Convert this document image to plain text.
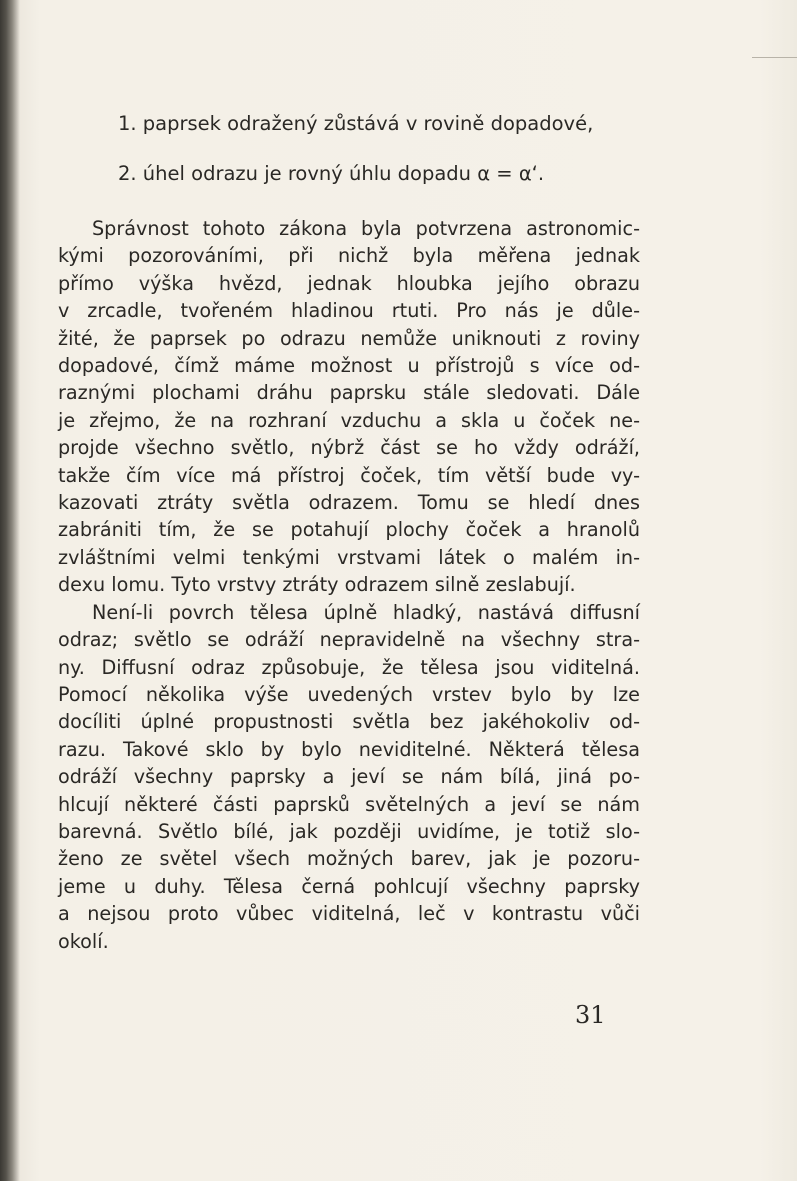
1. paprsek odražený zůstává v rovině dopadové,
2. úhel odrazu je rovný úhlu dopadu α = α‘.
Správnost tohoto zákona byla potvrzena astronomic-
kými pozorováními, při nichž byla měřena jednak
přímo výška hvězd, jednak hloubka jejího obrazu
v zrcadle, tvořeném hladinou rtuti. Pro nás je důle-
žité, že paprsek po odrazu nemůže uniknouti z roviny
dopadové, čímž máme možnost u přístrojů s více od-
raznými plochami dráhu paprsku stále sledovati. Dále
je zřejmo, že na rozhraní vzduchu a skla u čoček ne-
projde všechno světlo, nýbrž část se ho vždy odráží,
takže čím více má přístroj čoček, tím větší bude vy-
kazovati ztráty světla odrazem. Tomu se hledí dnes
zabrániti tím, že se potahují plochy čoček a hranolů
zvláštními velmi tenkými vrstvami látek o malém in-
dexu lomu. Tyto vrstvy ztráty odrazem silně zeslabují.
Není-li povrch tělesa úplně hladký, nastává diffusní
odraz; světlo se odráží nepravidelně na všechny stra-
ny. Diffusní odraz způsobuje, že tělesa jsou viditelná.
Pomocí několika výše uvedených vrstev bylo by lze
docíliti úplné propustnosti světla bez jakéhokoliv od-
razu. Takové sklo by bylo neviditelné. Některá tělesa
odráží všechny paprsky a jeví se nám bílá, jiná po-
hlcují některé části paprsků světelných a jeví se nám
barevná. Světlo bílé, jak později uvidíme, je totiž slo-
ženo ze světel všech možných barev, jak je pozoru-
jeme u duhy. Tělesa černá pohlcují všechny paprsky
a nejsou proto vůbec viditelná, leč v kontrastu vůči
okolí.
31
